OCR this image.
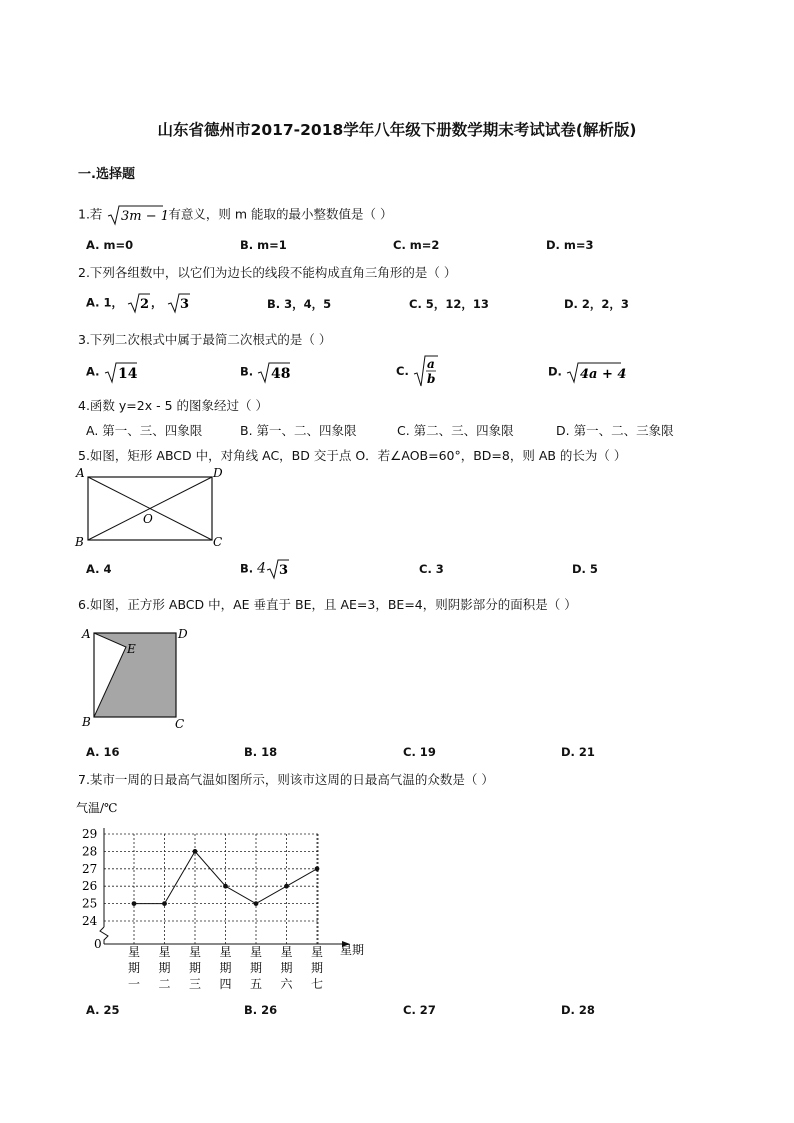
山东省德州市2017-2018学年八年级下册数学期末考试试卷(解析版)
一.选择题
1.若 3m − 1
有意义，则 m 能取的最小整数值是（ ）
A. m=0	B. m=1	C. m=2	D. m=3
2.下列各组数中，以它们为边长的线段不能构成直角三角形的是（ ）
A. 1， 2 ， 3	B. 3，4，5	C. 5，12，13	D. 2，2，3
3.下列二次根式中属于最简二次根式的是（ ）
A. 14	B. 48	C. a
b
D. 4a + 4
4.函数 y=2x - 5 的图象经过（ ）
A. 第一、三、四象限	B. 第一、二、四象限	C. 第二、三、四象限	D. 第一、二、三象限
5.如图，矩形 ABCD 中，对角线 AC，BD 交于点 O．若∠AOB=60°，BD=8，则 AB 的长为（ ）
A	D
B	C
O
A. 4	B. 4 3	C. 3	D. 5
6.如图，正方形 ABCD 中，AE 垂直于 BE，且 AE=3，BE=4，则阴影部分的面积是（ ）
A	D
B	C
E
A. 16	B. 18	C. 19	D. 21
7.某市一周的日最高气温如图所示，则该市这周的日最高气温的众数是（ ）
气温/℃
星期
0
29
28
27
26
25
24
星
期
一
星
期
二
星
期
三
星
期
四
星
期
五
星
期
六
星
期
七
A. 25	B. 26	C. 27	D. 28
